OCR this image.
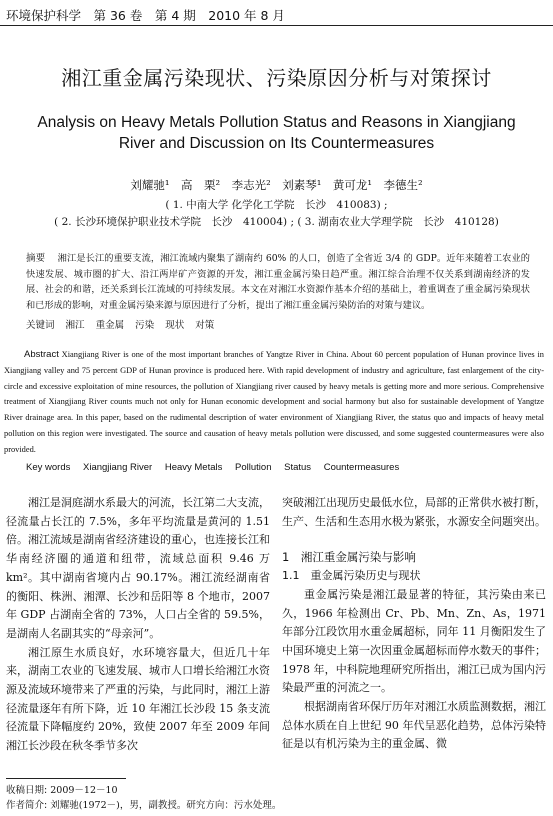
环境保护科学　第 36 卷　第 4 期　2010 年 8 月
湘江重金属污染现状、污染原因分析与对策探讨
Analysis on Heavy Metals Pollution Status and Reasons in Xiangjiang
River and Discussion on Its Countermeasures
刘耀驰¹　高　栗²　李志光²　刘素琴¹　黄可龙¹　李德生²
( 1. 中南大学 化学化工学院　长沙　410083) ;
( 2. 长沙环境保护职业技术学院　长沙　410004) ; ( 3. 湖南农业大学理学院　长沙　410128)
摘要　 湘江是长江的重要支流，湘江流域内聚集了湖南约 60% 的人口，创造了全省近 3/4 的 GDP。近年来随着工农业的快速发展、城市圈的扩大、沿江两岸矿产资源的开发，湘江重金属污染日趋严重。湘江综合治理不仅关系到湖南经济的发展、社会的和谐，还关系到长江流域的可持续发展。本文在对湘江水资源作基本介绍的基础上，着重调查了重金属污染现状和已形成的影响，对重金属污染来源与原因进行了分析，提出了湘江重金属污染防治的对策与建议。
关键词 湘江 重金属 污染 现状 对策
Abstract Xiangjiang River is one of the most important branches of Yangtze River in China. About 60 percent population of Hunan province lives in Xiangjiang valley and 75 percent GDP of Hunan province is produced here. With rapid development of industry and agriculture, fast enlargement of the city- circle and excessive exploitation of mine resources, the pollution of Xiangjiang river caused by heavy metals is getting more and more serious. Comprehensive treatment of Xiangjiang River counts much not only for Hunan economic development and social harmony but also for sustainable development of Yangtze River drainage area. In this paper, based on the rudimental description of water environment of Xiangjiang River, the status quo and impacts of heavy metal pollution on this region were investigated. The source and causation of heavy metals pollution were discussed, and some suggested countermeasures were also provided.
Key words Xiangjiang River Heavy Metals Pollution Status Countermeasures

湘江是洞庭湖水系最大的河流，长江第二大支流，径流量占长江的 7.5%，多年平均流量是黄河的 1.51 倍。湘江流域是湖南省经济建设的重心，也连接长江和华南经济圈的通道和纽带，流域总面积 9.46 万 km²。其中湖南省境内占 90.17%。湘江流经湖南省的衡阳、株洲、湘潭、长沙和岳阳等 8 个地市，2007 年 GDP 占湖南全省的 73%，人口占全省的 59.5%，是湖南人名副其实的“母亲河”。

湘江原生水质良好，水环境容量大，但近几十年来，湖南工农业的飞速发展、城市人口增长给湘江水资源及流域环境带来了严重的污染，与此同时，湘江上游径流量逐年有所下降，近 10 年湘江长沙段 15 条支流径流量下降幅度约 20%，致使 2007 年至 2009 年间湘江长沙段在秋冬季节多次

突破湘江出现历史最低水位，局部的正常供水被打断，生产、生活和生态用水极为紧张，水源安全问题突出。

1　湘江重金属污染与影响

1.1　重金属污染历史与现状

重金属污染是湘江最显著的特征，其污染由来已久，1966 年检测出 Cr、Pb、Mn、Zn、As，1971 年部分江段饮用水重金属超标，同年 11 月衡阳发生了中国环境史上第一次因重金属超标而停水数天的事件；1978 年，中科院地理研究所指出，湘江已成为国内污染最严重的河流之一。

根据湖南省环保厅历年对湘江水质监测数据，湘江总体水质在自上世纪 90 年代呈恶化趋势，总体污染特征是以有机污染为主的重金属、微

收稿日期: 2009－12－10
作者简介: 刘耀驰(1972－)，男，副教授。研究方向：污水处理。
